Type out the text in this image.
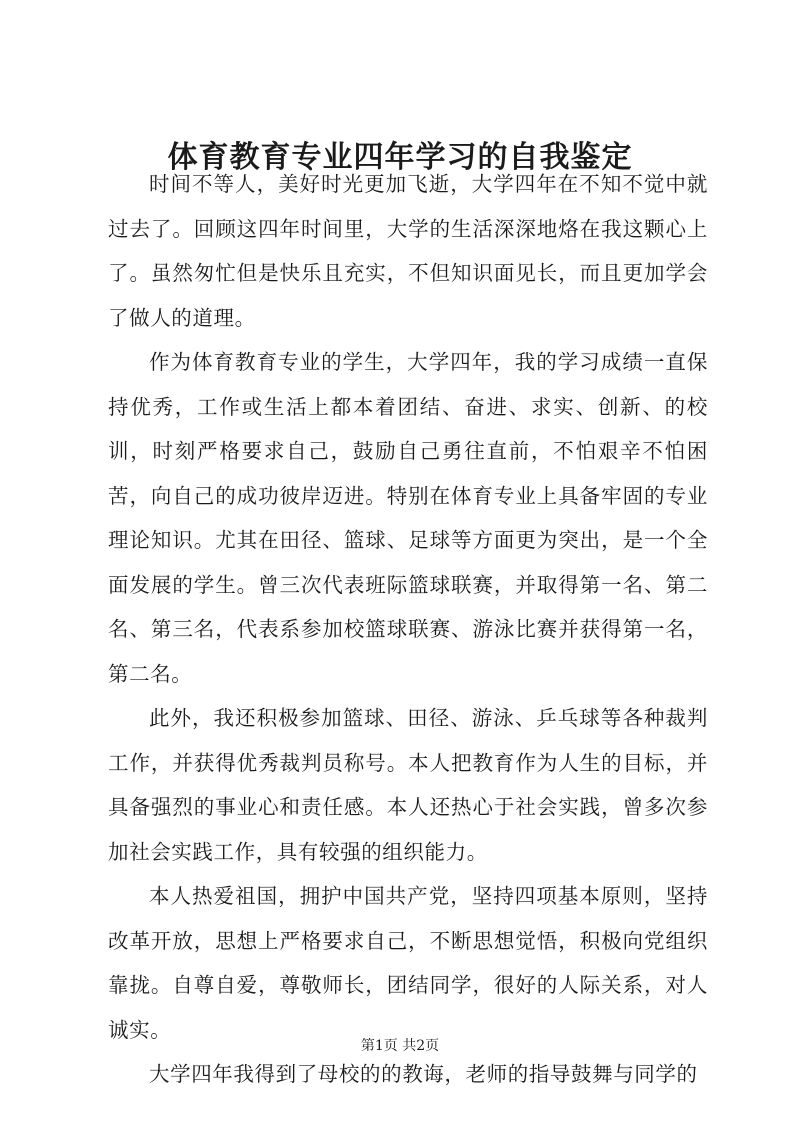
体育教育专业四年学习的自我鉴定

时间不等人，美好时光更加飞逝，大学四年在不知不觉中就过去了。回顾这四年时间里，大学的生活深深地烙在我这颗心上了。虽然匆忙但是快乐且充实，不但知识面见长，而且更加学会了做人的道理。

作为体育教育专业的学生，大学四年，我的学习成绩一直保持优秀，工作或生活上都本着团结、奋进、求实、创新、的校训，时刻严格要求自己，鼓励自己勇往直前，不怕艰辛不怕困苦，向自己的成功彼岸迈进。特别在体育专业上具备牢固的专业理论知识。尤其在田径、篮球、足球等方面更为突出，是一个全面发展的学生。曾三次代表班际篮球联赛，并取得第一名、第二名、第三名，代表系参加校篮球联赛、游泳比赛并获得第一名，第二名。

此外，我还积极参加篮球、田径、游泳、乒乓球等各种裁判工作，并获得优秀裁判员称号。本人把教育作为人生的目标，并具备强烈的事业心和责任感。本人还热心于社会实践，曾多次参加社会实践工作，具有较强的组织能力。

本人热爱祖国，拥护中国共产党，坚持四项基本原则，坚持改革开放，思想上严格要求自己，不断思想觉悟，积极向党组织靠拢。自尊自爱，尊敬师长，团结同学，很好的人际关系，对人诚实。

大学四年我得到了母校的的教诲，老师的指导鼓舞与同学的

第1页 共2页
